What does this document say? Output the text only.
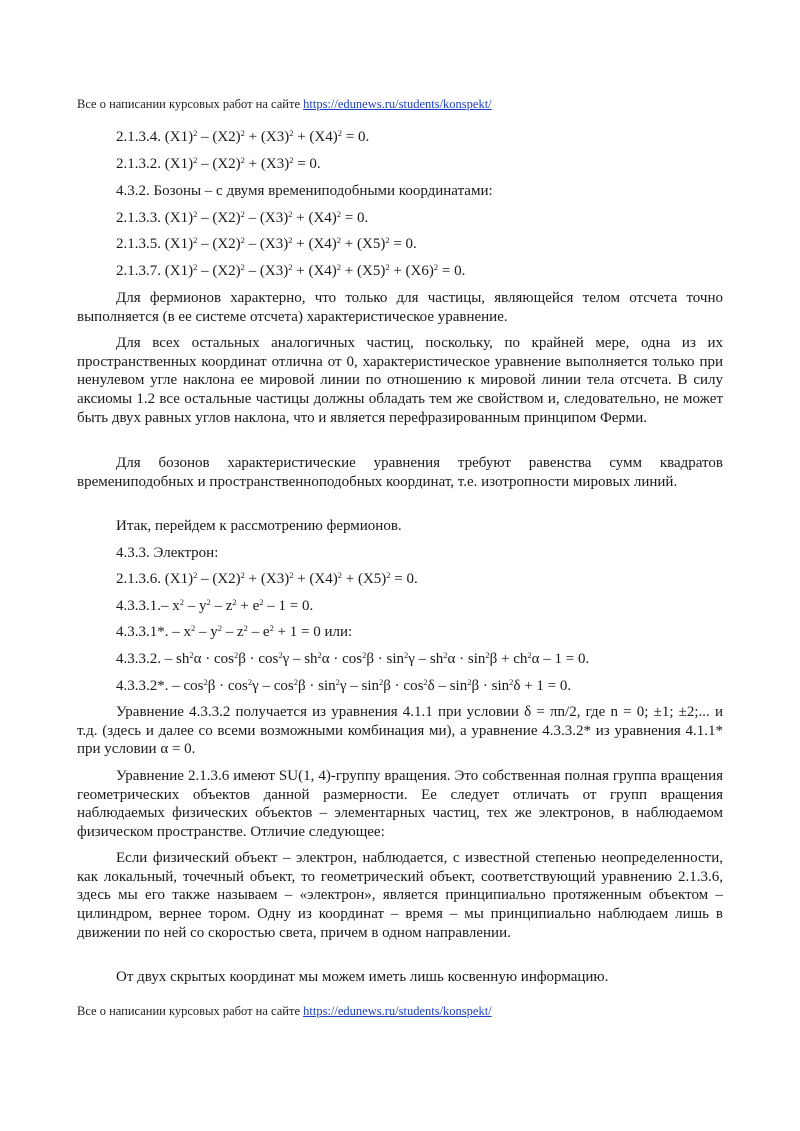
Все о написании курсовых работ на сайте https://edunews.ru/students/konspekt/
2.1.3.4. $(X1)^2 - (X2)^2 + (X3)^2 + (X4)^2 = 0$.
2.1.3.2. $(X1)^2 - (X2)^2 + (X3)^2 = 0$.
4.3.2. Бозоны – с двумя времениподобными координатами:
2.1.3.3. $(X1)^2 - (X2)^2 - (X3)^2 + (X4)^2 = 0$.
2.1.3.5. $(X1)^2 - (X2)^2 - (X3)^2 + (X4)^2 + (X5)^2 = 0$.
2.1.3.7. $(X1)^2 - (X2)^2 - (X3)^2 + (X4)^2 + (X5)^2 + (X6)^2 = 0$.

Для фермионов характерно, что только для частицы, являющейся телом отсчета точно выполняется (в ее системе отсчета) характеристическое уравнение.

Для всех остальных аналогичных частиц, поскольку, по крайней мере, одна из их пространственных координат отлична от 0, характеристическое уравнение выполняется только при ненулевом угле наклона ее мировой линии по отношению к мировой линии тела отсчета. В силу аксиомы 1.2 все остальные частицы должны обладать тем же свойством и, следовательно, не может быть двух равных углов наклона, что и является перефразированным принципом Ферми.

Для бозонов характеристические уравнения требуют равенства сумм квадратов времениподобных и пространственноподобных координат, т.е. изотропности мировых линий.

Итак, перейдем к рассмотрению фермионов.
4.3.3. Электрон:
2.1.3.6. $(X1)^2 - (X2)^2 + (X3)^2 + (X4)^2 + (X5)^2 = 0$.
4.3.3.1.– $x^2 - y^2 - z^2 + e^2 - 1 = 0$.
4.3.3.1*. – $x^2 - y^2 - z^2 - e^2 + 1 = 0$ или:
4.3.3.2. – $sh^2\alpha \cdot \cos^2\beta \cdot \cos^2\gamma - sh^2\alpha \cdot \cos^2\beta \cdot \sin^2\gamma - sh^2\alpha \cdot \sin^2\beta + ch^2\alpha - 1 = 0$.
4.3.3.2*. – $\cos^2\beta \cdot \cos^2\gamma - \cos^2\beta \cdot \sin^2\gamma - \sin^2\beta \cdot \cos^2\delta - \sin^2\beta \cdot \sin^2\delta + 1 = 0$.

Уравнение 4.3.3.2 получается из уравнения 4.1.1 при условии δ = πn/2, где n = 0; ±1; ±2;... и т.д. (здесь и далее со всеми возможными комбинация ми), а уравнение 4.3.3.2* из уравнения 4.1.1* при условии α = 0.

Уравнение 2.1.3.6 имеют SU(1, 4)-группу вращения. Это собственная полная группа вращения геометрических объектов данной размерности. Ее следует отличать от групп вращения наблюдаемых физических объектов – элементарных частиц, тех же электронов, в наблюдаемом физическом пространстве. Отличие следующее:

Если физический объект – электрон, наблюдается, с известной степенью неопределенности, как локальный, точечный объект, то геометрический объект, соответствующий уравнению 2.1.3.6, здесь мы его также называем – «электрон», является принципиально протяженным объектом – цилиндром, вернее тором. Одну из координат – время – мы принципиально наблюдаем лишь в движении по ней со скоростью света, причем в одном направлении.

От двух скрытых координат мы можем иметь лишь косвенную информацию.

Все о написании курсовых работ на сайте https://edunews.ru/students/konspekt/
